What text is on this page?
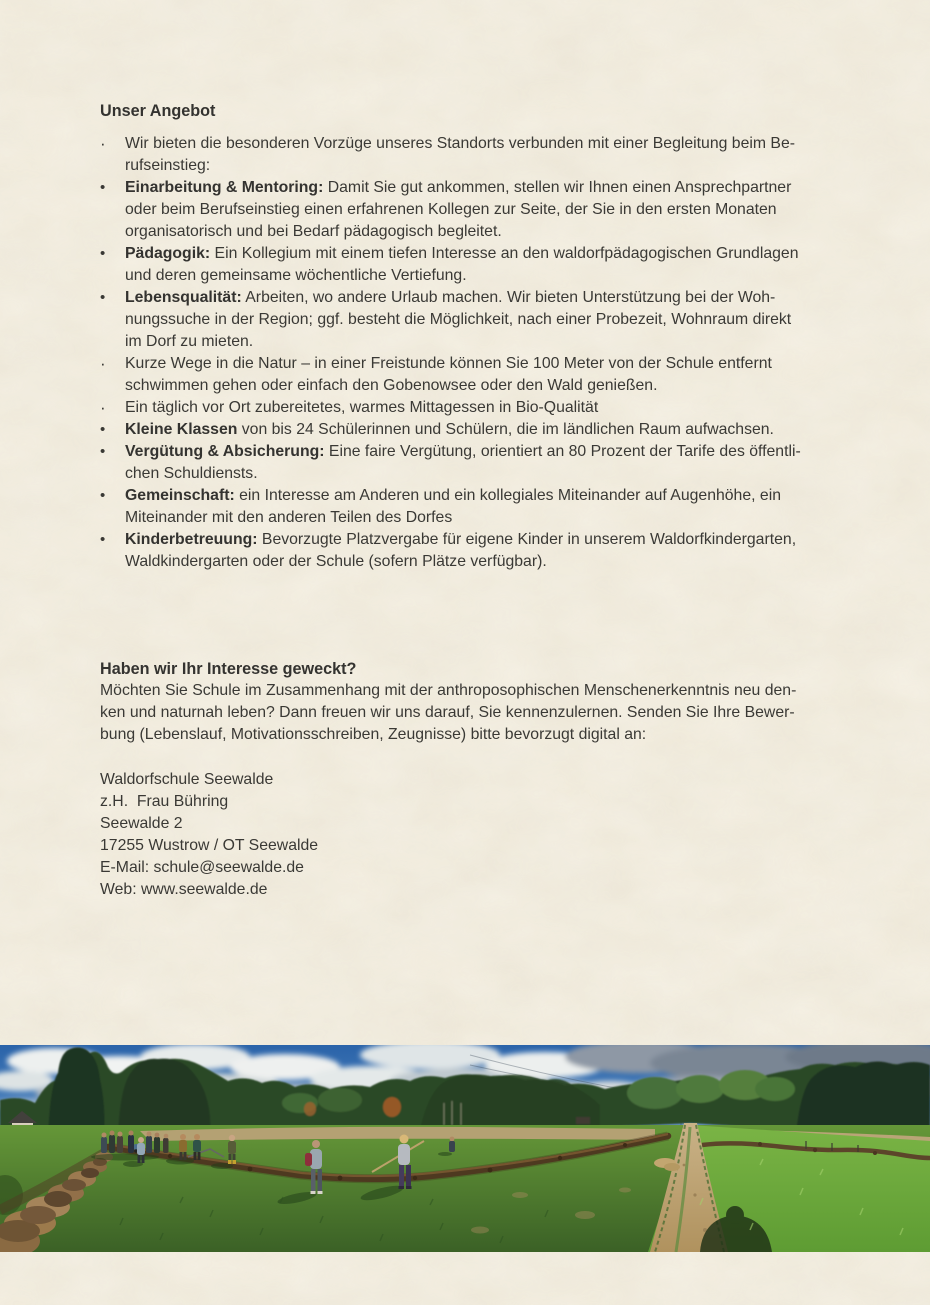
Unser Angebot
·	Wir bieten die besonderen Vorzüge unseres Standorts verbunden mit einer Begleitung beim Be-
rufseinstieg:
•	Einarbeitung & Mentoring: Damit Sie gut ankommen, stellen wir Ihnen einen Ansprechpartner
oder beim Berufseinstieg einen erfahrenen Kollegen zur Seite, der Sie in den ersten Monaten
organisatorisch und bei Bedarf pädagogisch begleitet.
•	Pädagogik: Ein Kollegium mit einem tiefen Interesse an den waldorfpädagogischen Grundlagen
und deren gemeinsame wöchentliche Vertiefung.
•	Lebensqualität: Arbeiten, wo andere Urlaub machen. Wir bieten Unterstützung bei der Woh-
nungssuche in der Region; ggf. besteht die Möglichkeit, nach einer Probezeit, Wohnraum direkt
im Dorf zu mieten.
·	Kurze Wege in die Natur – in einer Freistunde können Sie 100 Meter von der Schule entfernt
schwimmen gehen oder einfach den Gobenowsee oder den Wald genießen.
·	Ein täglich vor Ort zubereitetes, warmes Mittagessen in Bio-Qualität
•	Kleine Klassen von bis 24 Schülerinnen und Schülern, die im ländlichen Raum aufwachsen.
•	Vergütung & Absicherung: Eine faire Vergütung, orientiert an 80 Prozent der Tarife des öffentli-
chen Schuldiensts.
•	Gemeinschaft: ein Interesse am Anderen und ein kollegiales Miteinander auf Augenhöhe, ein
Miteinander mit den anderen Teilen des Dorfes
•	Kinderbetreuung: Bevorzugte Platzvergabe für eigene Kinder in unserem Waldorfkindergarten,
Waldkindergarten oder der Schule (sofern Plätze verfügbar).
Haben wir Ihr Interesse geweckt?

Möchten Sie Schule im Zusammenhang mit der anthroposophischen Menschenerkenntnis neu den-
ken und naturnah leben? Dann freuen wir uns darauf, Sie kennenzulernen. Senden Sie Ihre Bewer-
bung (Lebenslauf, Motivationsschreiben, Zeugnisse) bitte bevorzugt digital an:

Waldorfschule Seewalde
z.H.  Frau Bühring
Seewalde 2
17255 Wustrow / OT Seewalde
E-Mail: schule@seewalde.de
Web: www.seewalde.de
